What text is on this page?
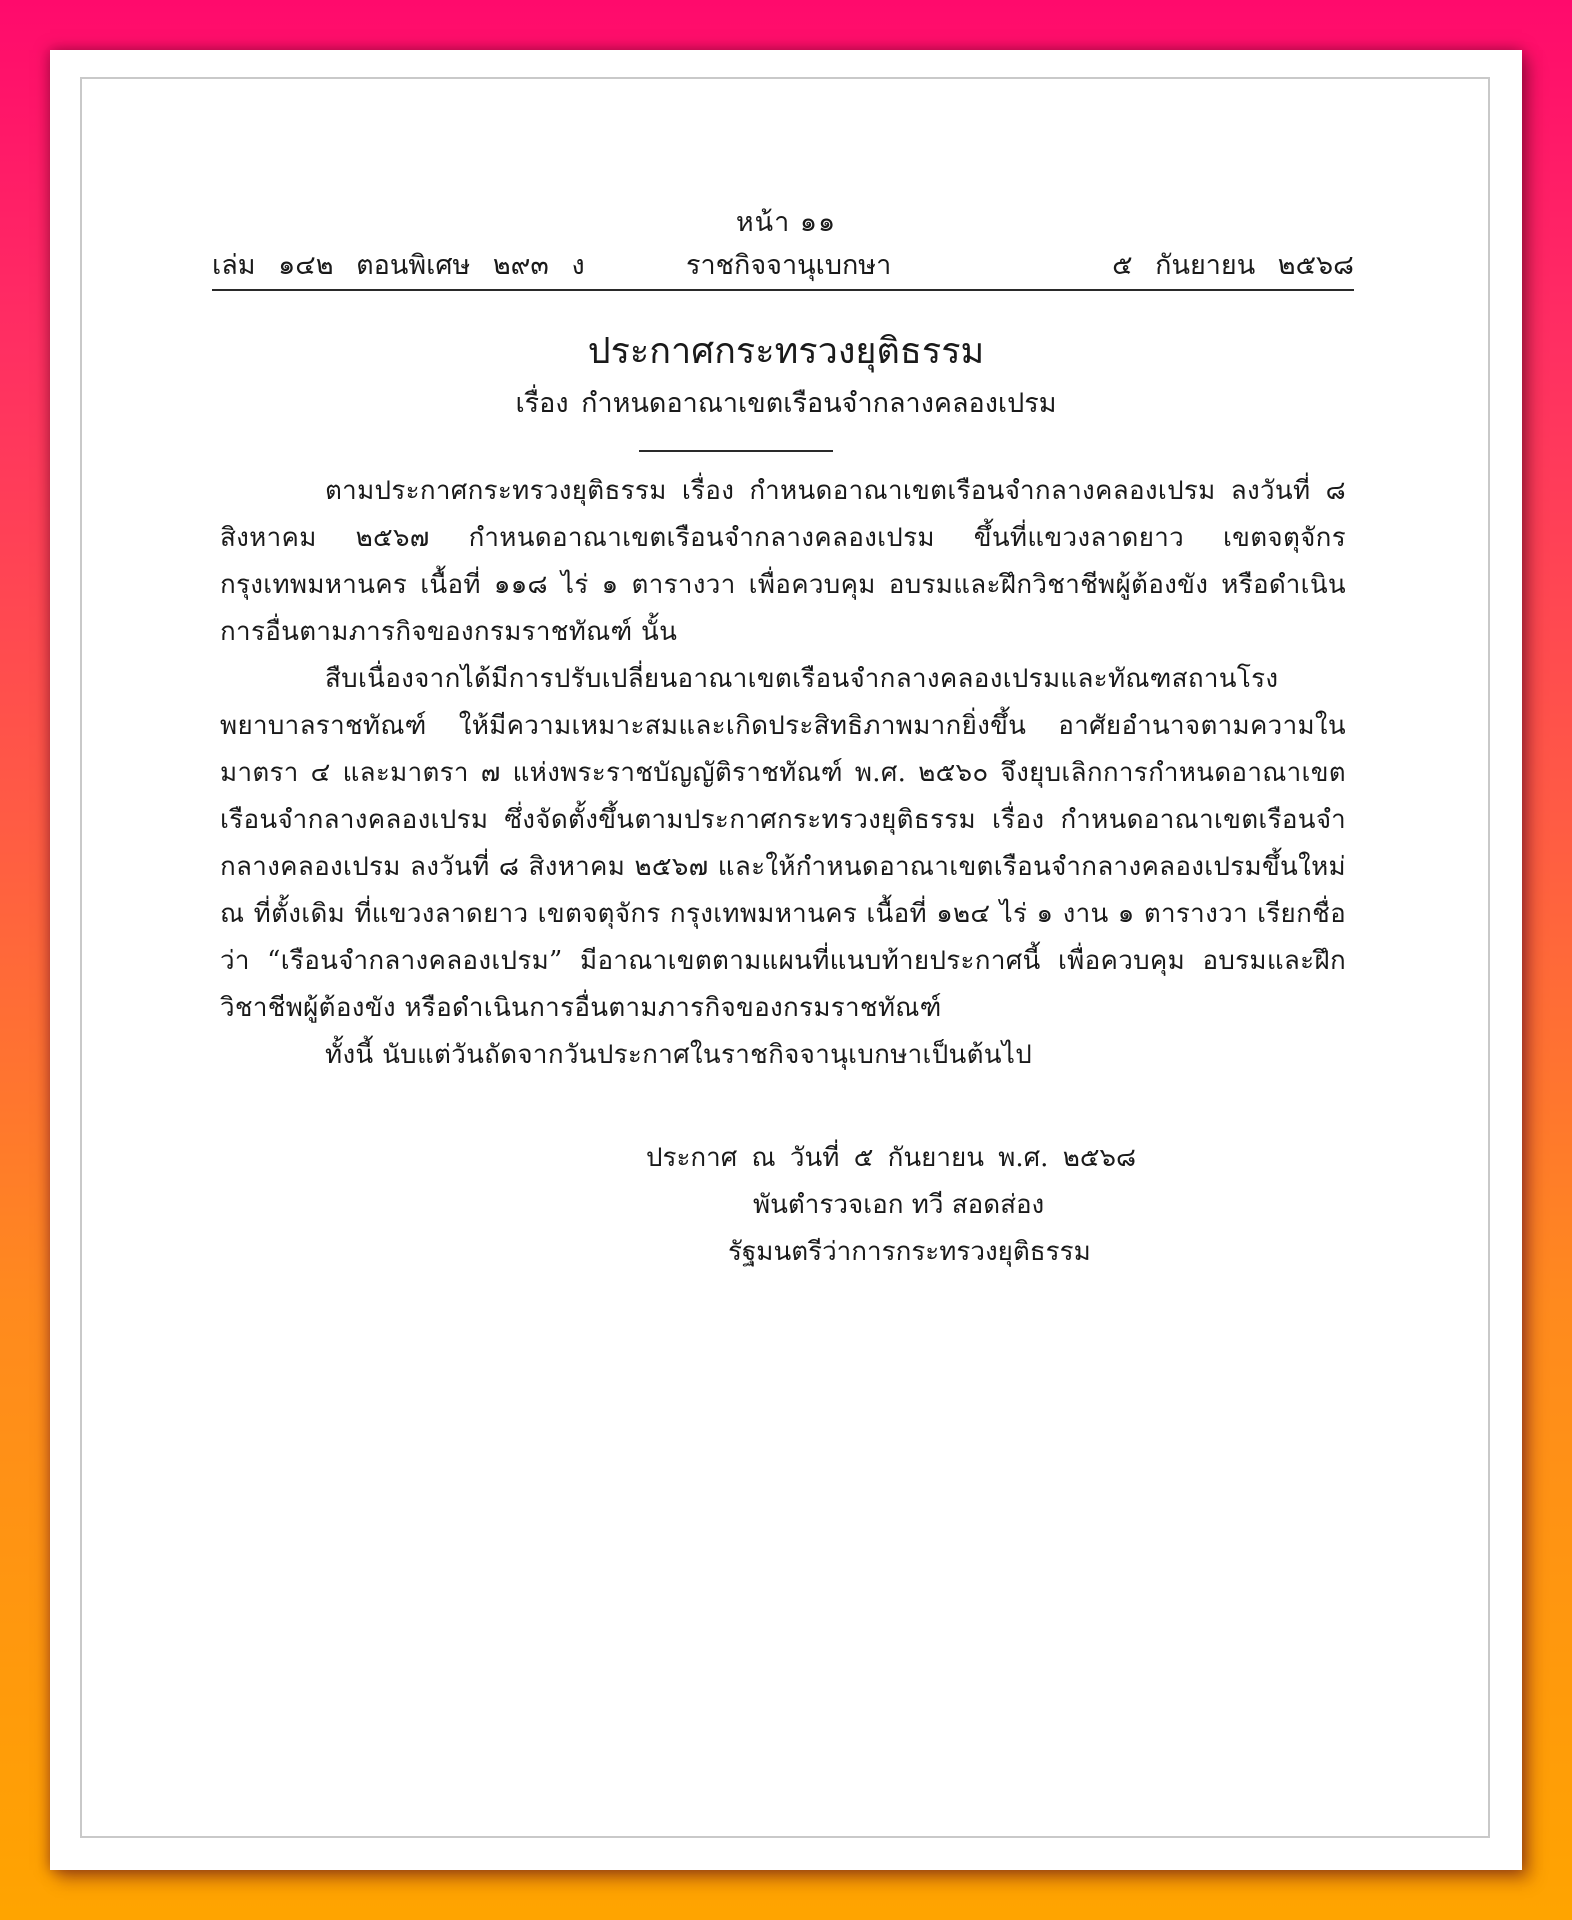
หน้า ๑๑
เล่ม ๑๔๒ ตอนพิเศษ ๒๙๓ ง	ราชกิจจานุเบกษา	๕ กันยายน ๒๕๖๘
ประกาศกระทรวงยุติธรรม
เรื่อง กำหนดอาณาเขตเรือนจำกลางคลองเปรม

ตามประกาศกระทรวงยุติธรรม เรื่อง กำหนดอาณาเขตเรือนจำกลางคลองเปรม ลงวันที่ ๘ สิงหาคม ๒๕๖๗ กำหนดอาณาเขตเรือนจำกลางคลองเปรม ขึ้นที่แขวงลาดยาว เขตจตุจักร กรุงเทพมหานคร เนื้อที่ ๑๑๘ ไร่ ๑ ตารางวา เพื่อควบคุม อบรมและฝึกวิชาชีพผู้ต้องขัง หรือดำเนินการอื่นตามภารกิจของกรมราชทัณฑ์ นั้น

สืบเนื่องจากได้มีการปรับเปลี่ยนอาณาเขตเรือนจำกลางคลองเปรมและทัณฑสถานโรงพยาบาลราชทัณฑ์ ให้มีความเหมาะสมและเกิดประสิทธิภาพมากยิ่งขึ้น อาศัยอำนาจตามความในมาตรา ๔ และมาตรา ๗ แห่งพระราชบัญญัติราชทัณฑ์ พ.ศ. ๒๕๖๐ จึงยุบเลิกการกำหนดอาณาเขตเรือนจำกลางคลองเปรม ซึ่งจัดตั้งขึ้นตามประกาศกระทรวงยุติธรรม เรื่อง กำหนดอาณาเขตเรือนจำกลางคลองเปรม ลงวันที่ ๘ สิงหาคม ๒๕๖๗ และให้กำหนดอาณาเขตเรือนจำกลางคลองเปรมขึ้นใหม่ ณ ที่ตั้งเดิม ที่แขวงลาดยาว เขตจตุจักร กรุงเทพมหานคร เนื้อที่ ๑๒๔ ไร่ ๑ งาน ๑ ตารางวา เรียกชื่อว่า “เรือนจำกลางคลองเปรม” มีอาณาเขตตามแผนที่แนบท้ายประกาศนี้ เพื่อควบคุม อบรมและฝึกวิชาชีพผู้ต้องขัง หรือดำเนินการอื่นตามภารกิจของกรมราชทัณฑ์

ทั้งนี้ นับแต่วันถัดจากวันประกาศในราชกิจจานุเบกษาเป็นต้นไป

ประกาศ ณ วันที่ ๕ กันยายน พ.ศ. ๒๕๖๘
พันตำรวจเอก ทวี สอดส่อง
รัฐมนตรีว่าการกระทรวงยุติธรรม
